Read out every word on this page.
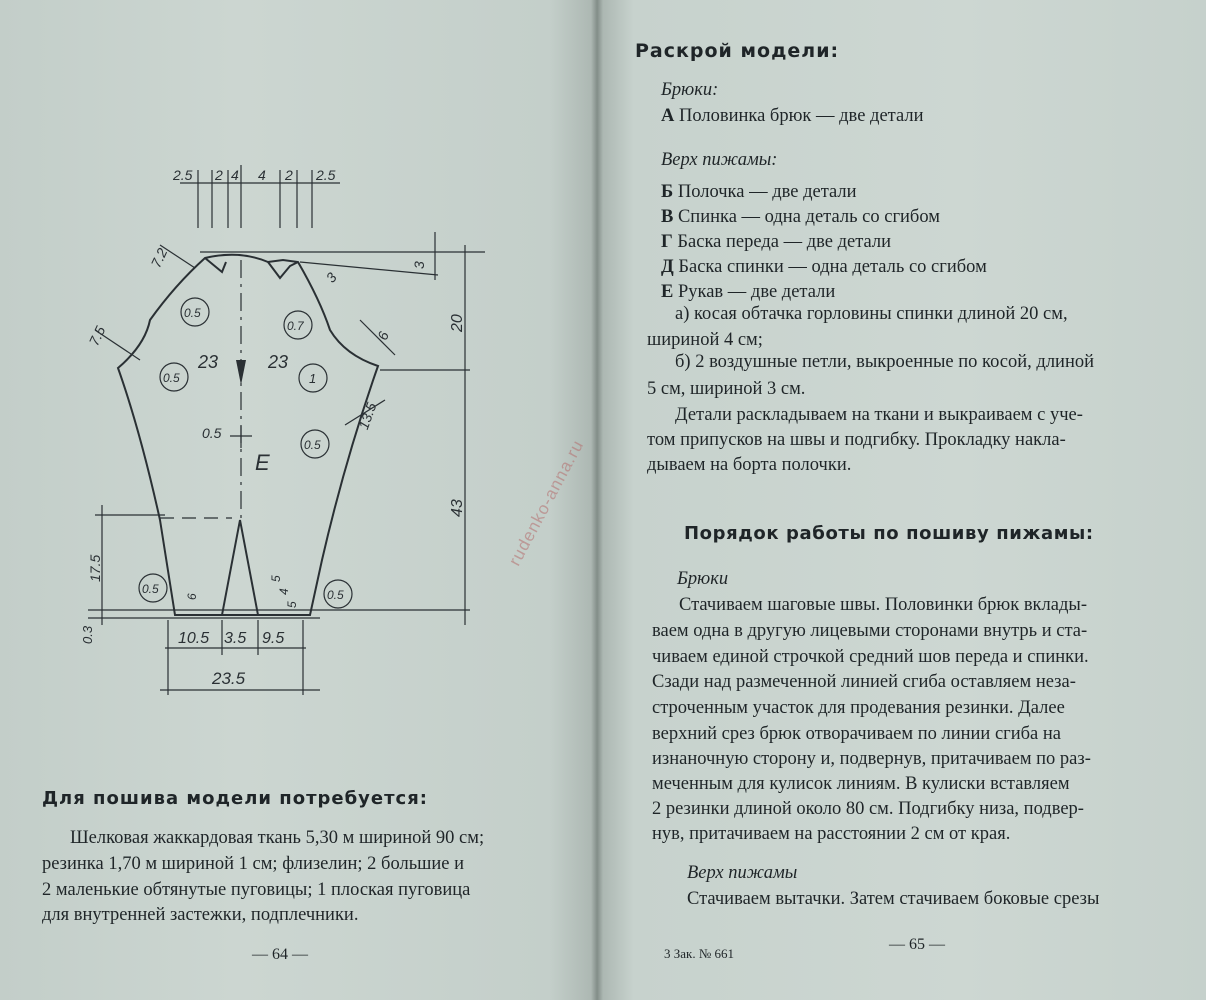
2.5 2 4 4 2 2.5
7.2
7.5
3
3
6
20
43
13.5
17.5
0.3
0.5
23	23
Е
6
5
4
5
10.5 3.5 9.5
23.5
0.5
0.7
0.5	1
0.5
0.5	0.5
Для пошива модели потребуется:
Шелковая жаккардовая ткань 5,30 м шириной 90 см;
резинка 1,70 м шириной 1 см; флизелин; 2 большие и
2 маленькие обтянутые пуговицы; 1 плоская пуговица
для внутренней застежки, подплечники.
— 64 —
Раскрой модели:
Брюки:
А Половинка брюк — две детали
Верх пижамы:
Б Полочка — две детали
В Спинка — одна деталь со сгибом
Г Баска переда — две детали
Д Баска спинки — одна деталь со сгибом
Е Рукав — две детали
а) косая обтачка горловины спинки длиной 20 см,
шириной 4 см;
б) 2 воздушные петли, выкроенные по косой, длиной
5 см, шириной 3 см.
Детали раскладываем на ткани и выкраиваем с уче-
том припусков на швы и подгибку. Прокладку накла-
дываем на борта полочки.
Порядок работы по пошиву пижамы:
Брюки
Стачиваем шаговые швы. Половинки брюк вклады-
ваем одна в другую лицевыми сторонами внутрь и ста-
чиваем единой строчкой средний шов переда и спинки.
Сзади над размеченной линией сгиба оставляем неза-
строченным участок для продевания резинки. Далее
верхний срез брюк отворачиваем по линии сгиба на
изнаночную сторону и, подвернув, притачиваем по раз-
меченным для кулисок линиям. В кулиски вставляем
2 резинки длиной около 80 см. Подгибку низа, подвер-
нув, притачиваем на расстоянии 2 см от края.
Верх пижамы
Стачиваем вытачки. Затем стачиваем боковые срезы
3 Зак. № 661
— 65 —
rudenko-anna.ru
